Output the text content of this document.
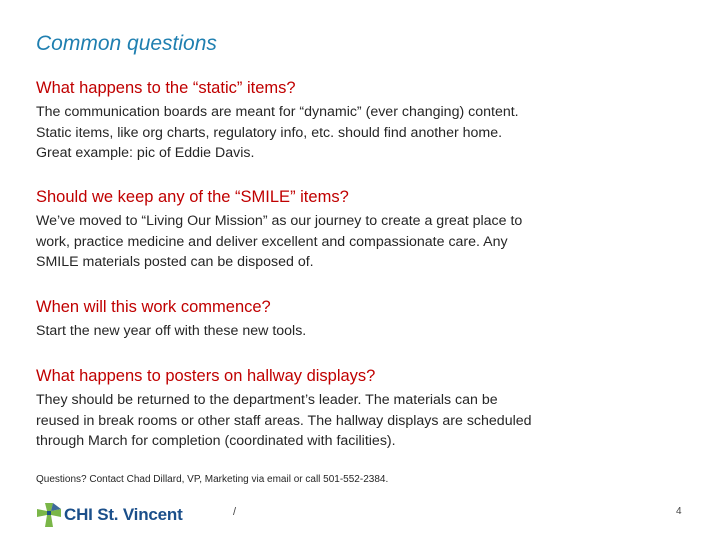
Common questions
What happens to the “static” items?
The communication boards are meant for “dynamic” (ever changing) content.
Static items, like org charts, regulatory info, etc. should find another home.
Great example: pic of Eddie Davis.
Should we keep any of the “SMILE” items?
We’ve moved to “Living Our Mission” as our journey to create a great place to
work, practice medicine and deliver excellent and compassionate care. Any
SMILE materials posted can be disposed of.
When will this work commence?
Start the new year off with these new tools.
What happens to posters on hallway displays?
They should be returned to the department’s leader. The materials can be
reused in break rooms or other staff areas. The hallway displays are scheduled
through March for completion (coordinated with facilities).
Questions? Contact Chad Dillard, VP, Marketing via email or call 501-552-2384.
CHI St. Vincent	/	4
